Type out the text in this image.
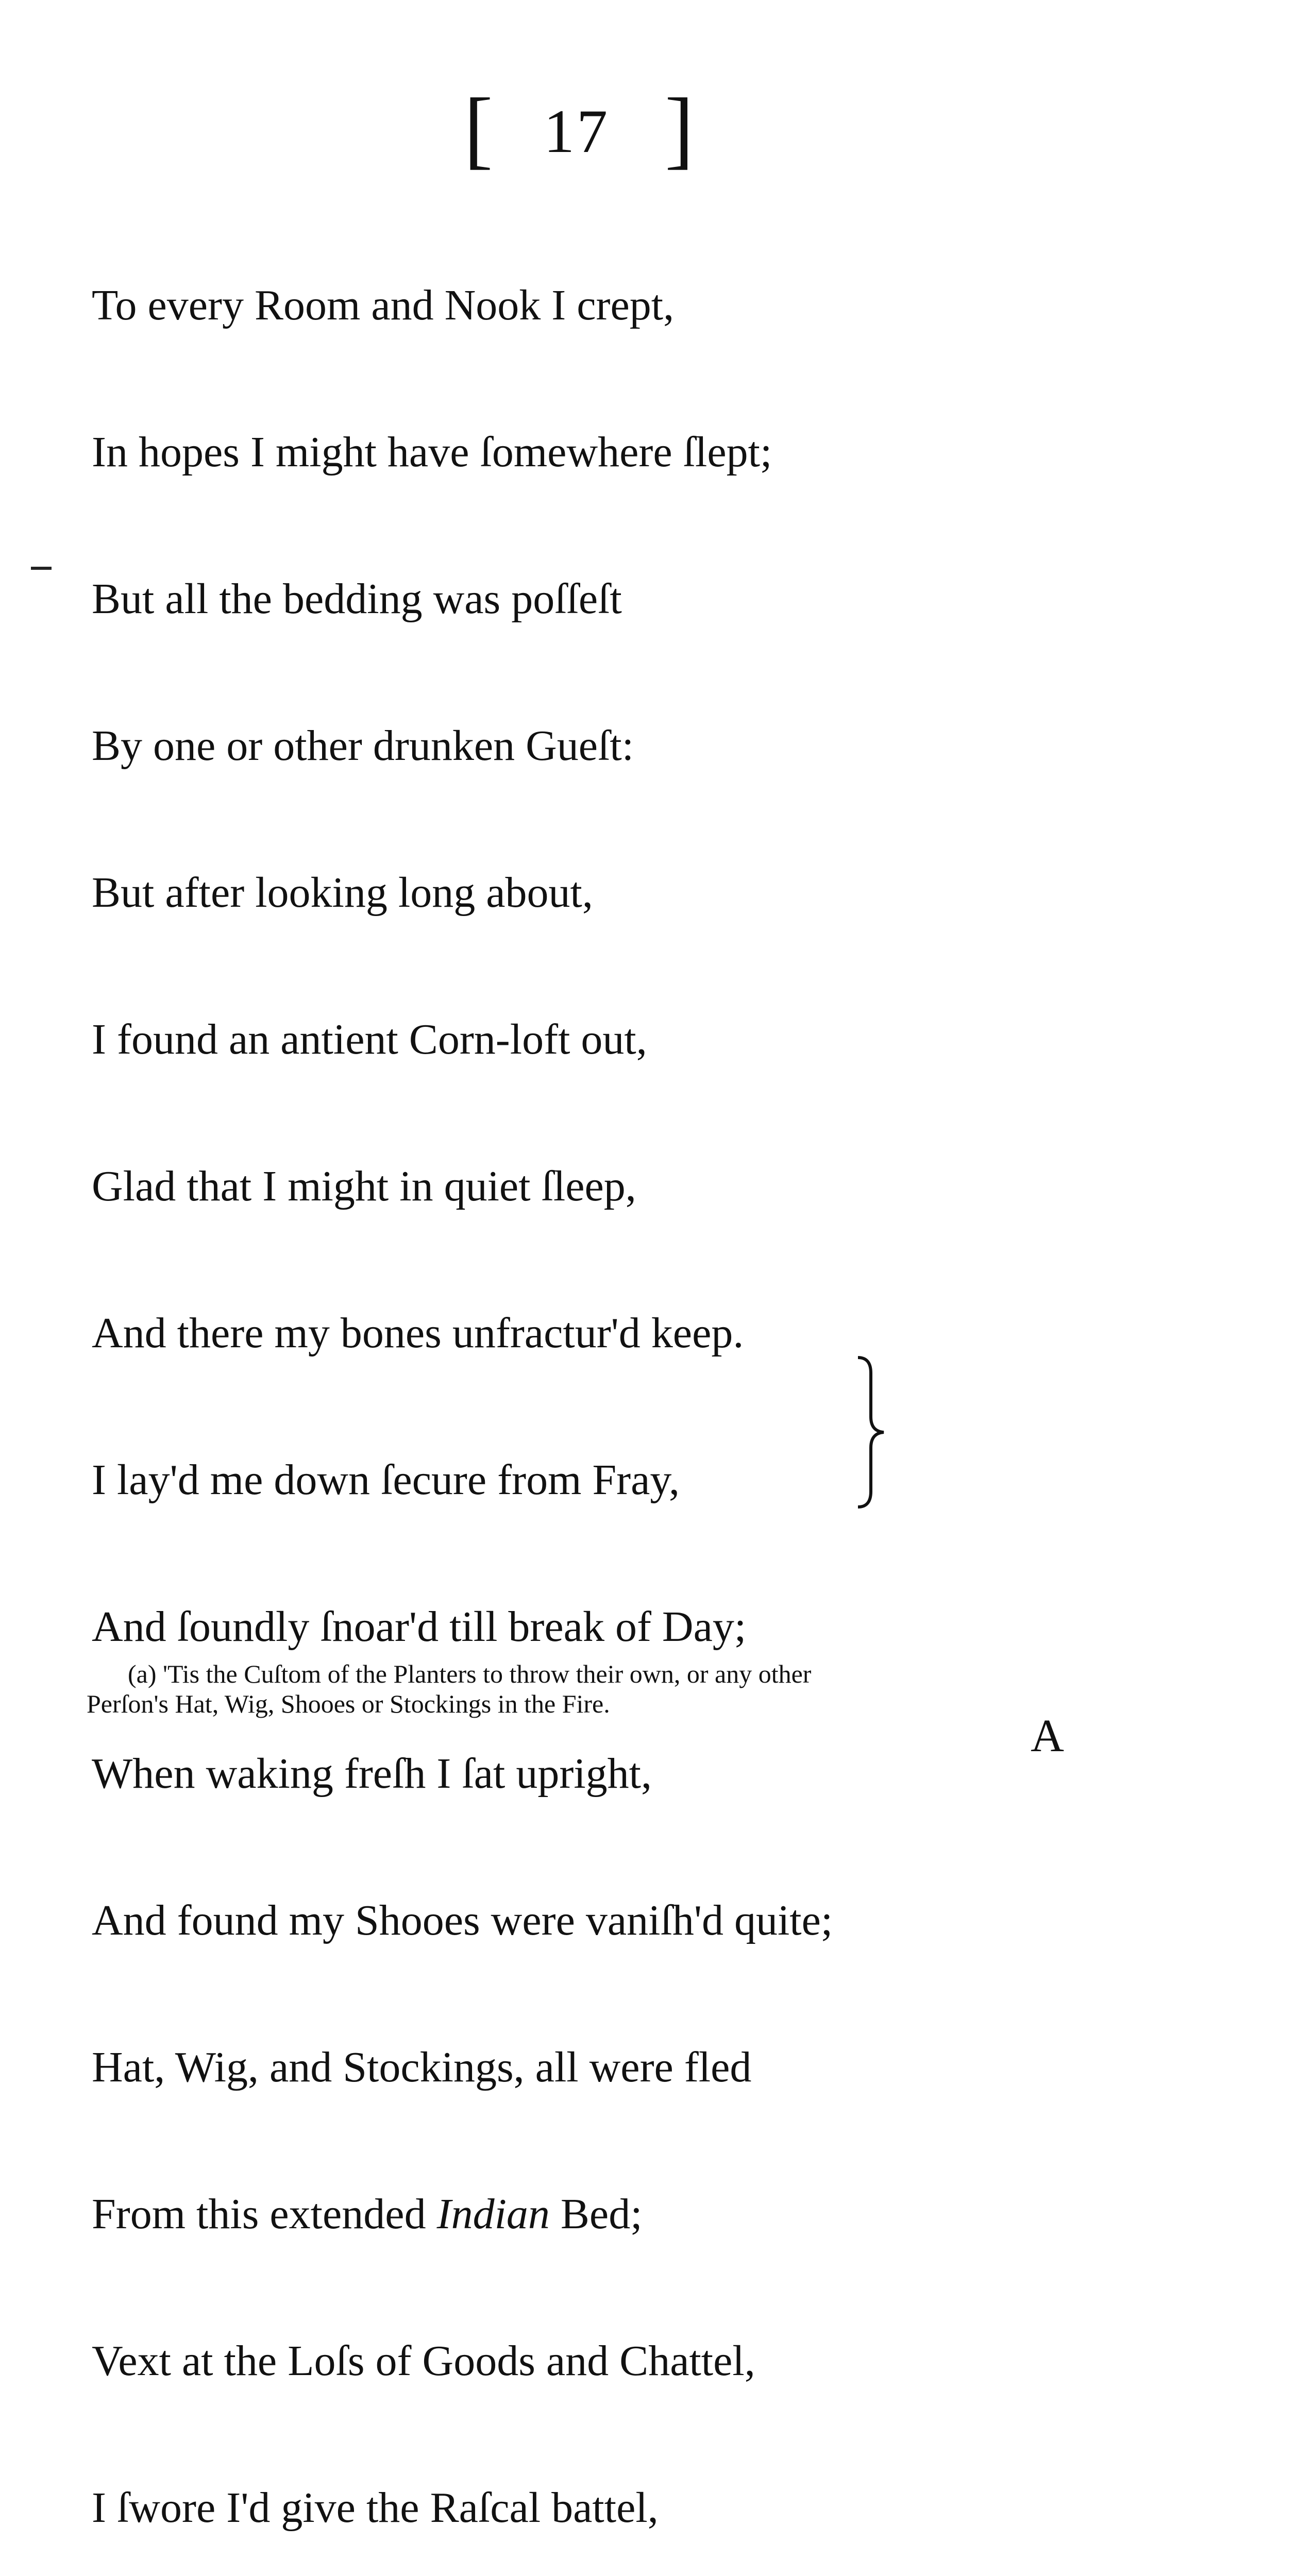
[ 17 ]

To every Room and Nook I crept,

In hopes I might have ſomewhere ſlept;

But all the bedding was poſſeſt

By one or other drunken Gueſt:

But after looking long about,

I found an antient Corn-loft out,

Glad that I might in quiet ſleep,

And there my bones unfractur'd keep.

I lay'd me down ſecure from Fray,

And ſoundly ſnoar'd till break of Day;

When waking freſh I ſat upright,

And found my Shooes were vaniſh'd quite;

Hat, Wig, and Stockings, all were fled

From this extended Indian Bed;

Vext at the Loſs of Goods and Chattel,

I ſwore I'd give the Raſcal battel,

(a) 'Tis the Cuſtom of the Planters to throw their own, or any other
Perſon's Hat, Wig, Shooes or Stockings in the Fire.
A
